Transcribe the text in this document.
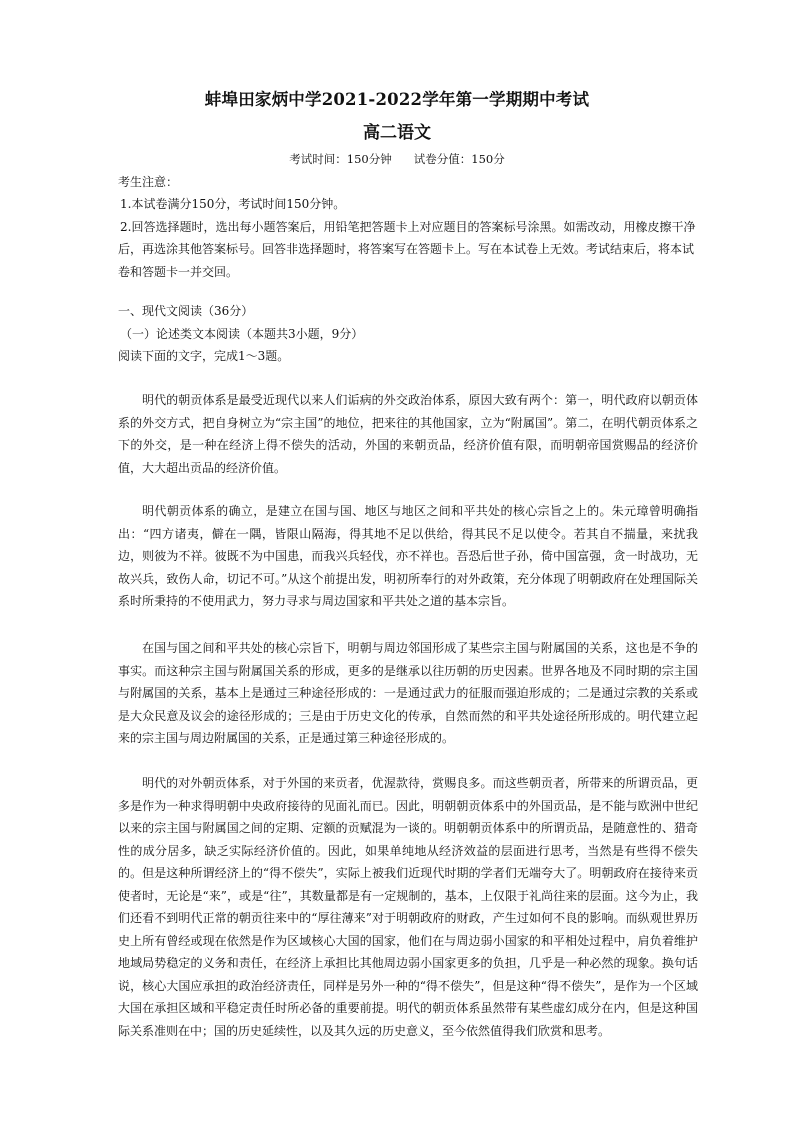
蚌埠田家炳中学2021-2022学年第一学期期中考试
高二语文
考试时间：150分钟 试卷分值：150分
考生注意：

1.本试卷满分150分，考试时间150分钟。

2.回答选择题时，选出每小题答案后，用铅笔把答题卡上对应题目的答案标号涂黑。如需改动，用橡皮擦干净后，再选涂其他答案标号。回答非选择题时，将答案写在答题卡上。写在本试卷上无效。考试结束后，将本试卷和答题卡一并交回。

一、现代文阅读（36分）

（一）论述类文本阅读（本题共3小题，9分）

阅读下面的文字，完成1～3题。

明代的朝贡体系是最受近现代以来人们诟病的外交政治体系，原因大致有两个：第一，明代政府以朝贡体系的外交方式，把自身树立为“宗主国”的地位，把来往的其他国家，立为“附属国”。第二，在明代朝贡体系之下的外交，是一种在经济上得不偿失的活动，外国的来朝贡品，经济价值有限，而明朝帝国赏赐品的经济价值，大大超出贡品的经济价值。

明代朝贡体系的确立，是建立在国与国、地区与地区之间和平共处的核心宗旨之上的。朱元璋曾明确指出：“四方诸夷，僻在一隅，皆限山隔海，得其地不足以供给，得其民不足以使令。若其自不揣量，来扰我边，则彼为不祥。彼既不为中国患，而我兴兵轻伐，亦不祥也。吾恐后世子孙，倚中国富强，贪一时战功，无故兴兵，致伤人命，切记不可。”从这个前提出发，明初所奉行的对外政策，充分体现了明朝政府在处理国际关系时所秉持的不使用武力，努力寻求与周边国家和平共处之道的基本宗旨。

在国与国之间和平共处的核心宗旨下，明朝与周边邻国形成了某些宗主国与附属国的关系，这也是不争的事实。而这种宗主国与附属国关系的形成，更多的是继承以往历朝的历史因素。世界各地及不同时期的宗主国与附属国的关系，基本上是通过三种途径形成的：一是通过武力的征服而强迫形成的；二是通过宗教的关系或是大众民意及议会的途径形成的；三是由于历史文化的传承，自然而然的和平共处途径所形成的。明代建立起来的宗主国与周边附属国的关系，正是通过第三种途径形成的。

明代的对外朝贡体系，对于外国的来贡者，优渥款待，赏赐良多。而这些朝贡者，所带来的所谓贡品，更多是作为一种求得明朝中央政府接待的见面礼而已。因此，明朝朝贡体系中的外国贡品，是不能与欧洲中世纪以来的宗主国与附属国之间的定期、定额的贡赋混为一谈的。明朝朝贡体系中的所谓贡品，是随意性的、猎奇性的成分居多，缺乏实际经济价值的。因此，如果单纯地从经济效益的层面进行思考，当然是有些得不偿失的。但是这种所谓经济上的“得不偿失”，实际上被我们近现代时期的学者们无端夸大了。明朝政府在接待来贡使者时，无论是“来”，或是“往”，其数量都是有一定规制的，基本，上仅限于礼尚往来的层面。这今为止，我们还看不到明代正常的朝贡往来中的“厚往薄来”对于明朝政府的财政，产生过如何不良的影响。而纵观世界历史上所有曾经或现在依然是作为区域核心大国的国家，他们在与周边弱小国家的和平相处过程中，肩负着维护地域局势稳定的义务和责任，在经济上承担比其他周边弱小国家更多的负担，几乎是一种必然的现象。换句话说，核心大国应承担的政治经济责任，同样是另外一种的“得不偿失”，但是这种“得不偿失”，是作为一个区域大国在承担区域和平稳定责任时所必备的重要前提。明代的朝贡体系虽然带有某些虚幻成分在内，但是这种国际关系准则在中；国的历史延续性，以及其久远的历史意义，至今依然值得我们欣赏和思考。
